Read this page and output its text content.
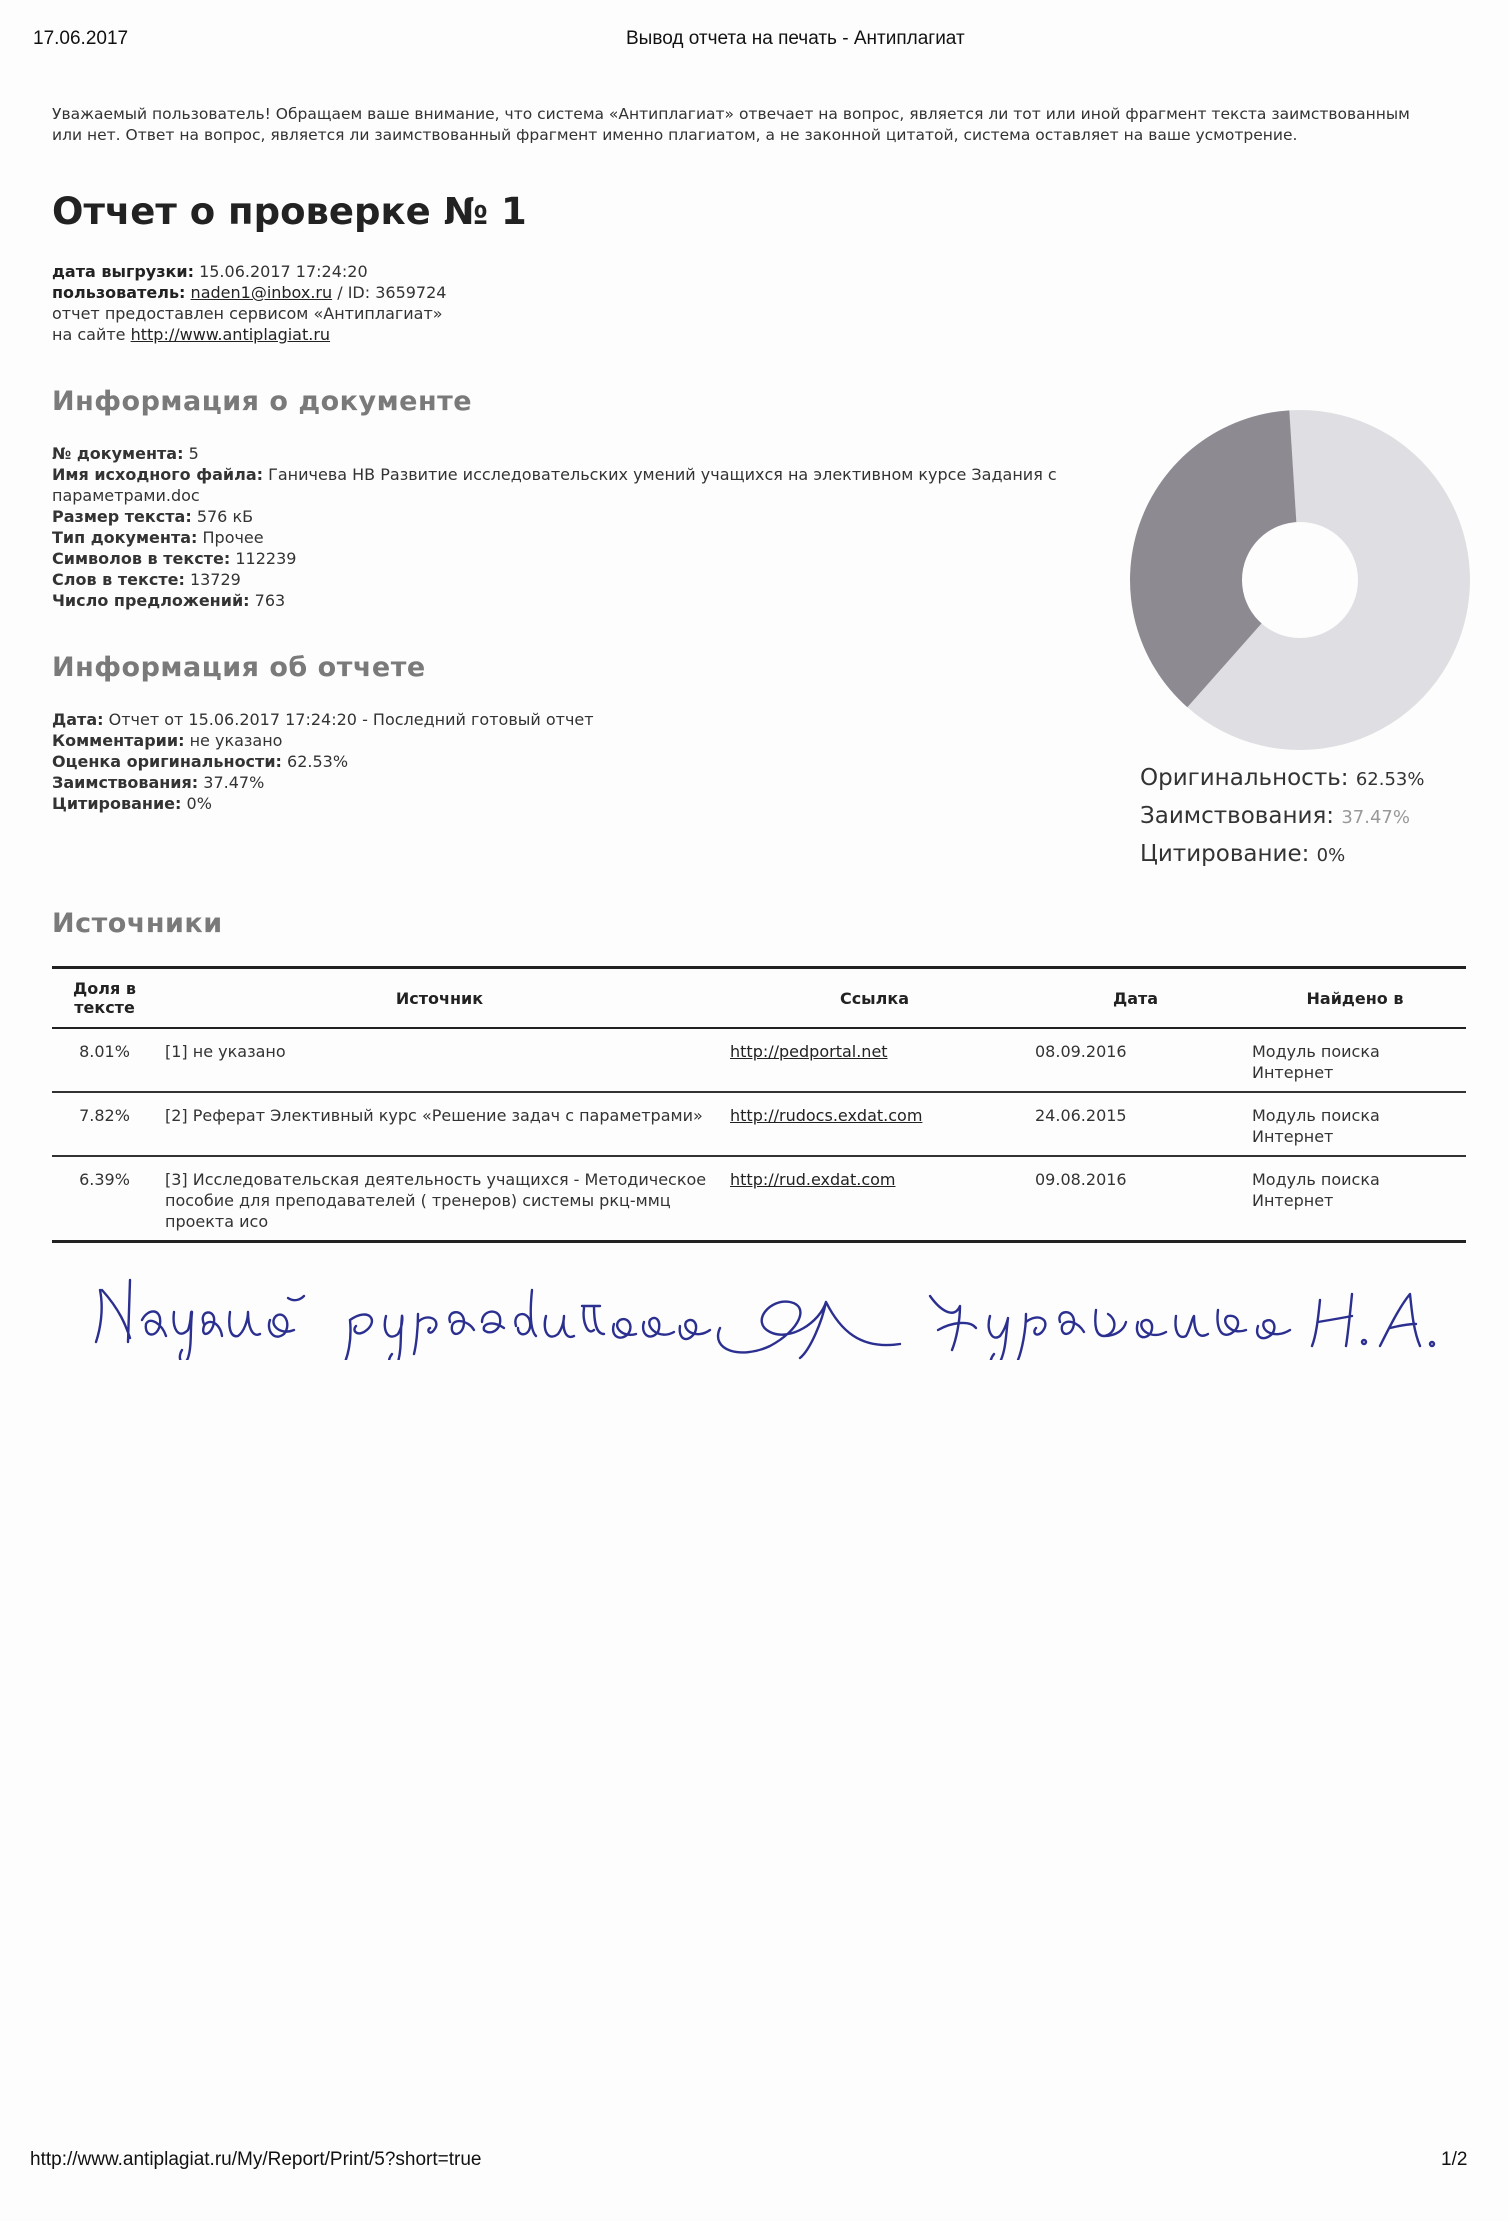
17.06.2017	Вывод отчета на печать - Антиплагиат
Уважаемый пользователь! Обращаем ваше внимание, что система «Антиплагиат» отвечает на вопрос, является ли тот или иной фрагмент текста заимствованным или нет. Ответ на вопрос, является ли заимствованный фрагмент именно плагиатом, а не законной цитатой, система оставляет на ваше усмотрение.
Отчет о проверке № 1
дата выгрузки: 15.06.2017 17:24:20
пользователь: naden1@inbox.ru / ID: 3659724
отчет предоставлен сервисом «Антиплагиат»
на сайте http://www.antiplagiat.ru
Информация о документе
№ документа: 5
Имя исходного файла: Ганичева НВ Развитие исследовательских умений учащихся на элективном курсе Задания с параметрами.doc
Размер текста: 576 кБ
Тип документа: Прочее
Символов в тексте: 112239
Слов в тексте: 13729
Число предложений: 763
Информация об отчете
Дата: Отчет от 15.06.2017 17:24:20 - Последний готовый отчет
Комментарии: не указано
Оценка оригинальности: 62.53%
Заимствования: 37.47%
Цитирование: 0%
Оригинальность: 62.53%
Заимствования: 37.47%
Цитирование: 0%
Источники
Доля в тексте	Источник	Ссылка	Дата	Найдено в
8.01%	[1] не указано	http://pedportal.net	08.09.2016	Модуль поиска Интернет
7.82%	[2] Реферат Элективный курс «Решение задач с параметрами»	http://rudocs.exdat.com	24.06.2015	Модуль поиска Интернет
6.39%	[3] Исследовательская деятельность учащихся - Методическое пособие для преподавателей ( тренеров) системы ркц-ммц проекта исо	http://rud.exdat.com	09.08.2016	Модуль поиска Интернет
http://www.antiplagiat.ru/My/Report/Print/5?short=true	1/2
